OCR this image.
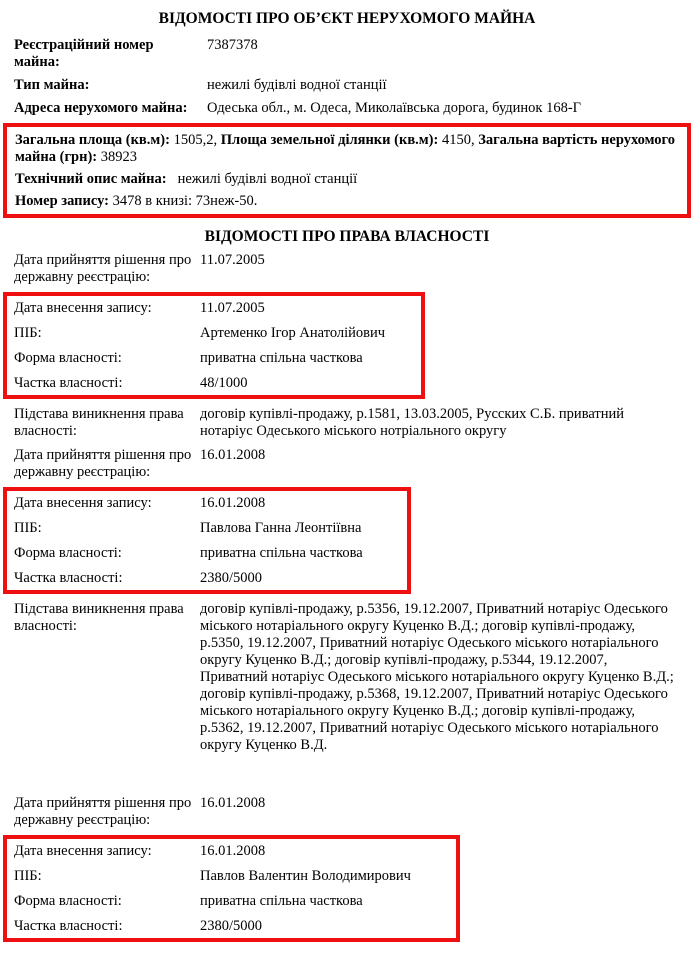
ВІДОМОСТІ ПРО ОБ’ЄКТ НЕРУХОМОГО МАЙНА
Реєстраційний номер майна:
7387378
Тип майна:	нежилі будівлі водної станції
Адреса нерухомого майна:	Одеська обл., м. Одеса, Миколаївська дорога, будинок 168-Г

Загальна площа (кв.м): 1505,2, Площа земельної ділянки (кв.м): 4150, Загальна вартість нерухомого майна (грн): 38923

Технічний опис майна: нежилі будівлі водної станції

Номер запису: 3478 в книзі: 73неж-50.

ВІДОМОСТІ ПРО ПРАВА ВЛАСНОСТІ
Дата прийняття рішення про державну реєстрацію:
11.07.2005
Дата внесення запису:	11.07.2005
ПІБ:	Артеменко Ігор Анатолійович
Форма власності:	приватна спільна часткова
Частка власності:	48/1000
Підстава виникнення права власності:
договір купівлі-продажу, р.1581, 13.03.2005, Русских С.Б. приватний нотаріус Одеського міського нотріального округу
Дата прийняття рішення про державну реєстрацію:
16.01.2008
Дата внесення запису:	16.01.2008
ПІБ:	Павлова Ганна Леонтіївна
Форма власності:	приватна спільна часткова
Частка власності:	2380/5000
Підстава виникнення права власності:
договір купівлі-продажу, р.5356, 19.12.2007, Приватний нотаріус Одеського міського нотаріального округу Куценко В.Д.; договір купівлі-продажу, р.5350, 19.12.2007, Приватний нотаріус Одеського міського нотаріального округу Куценко В.Д.; договір купівлі-продажу, р.5344, 19.12.2007, Приватний нотаріус Одеського міського нотаріального округу Куценко В.Д.; договір купівлі-продажу, р.5368, 19.12.2007, Приватний нотаріус Одеського міського нотаріального округу Куценко В.Д.; договір купівлі-продажу, р.5362, 19.12.2007, Приватний нотаріус Одеського міського нотаріального округу Куценко В.Д.
Дата прийняття рішення про державну реєстрацію:
16.01.2008
Дата внесення запису:	16.01.2008
ПІБ:	Павлов Валентин Володимирович
Форма власності:	приватна спільна часткова
Частка власності:	2380/5000
